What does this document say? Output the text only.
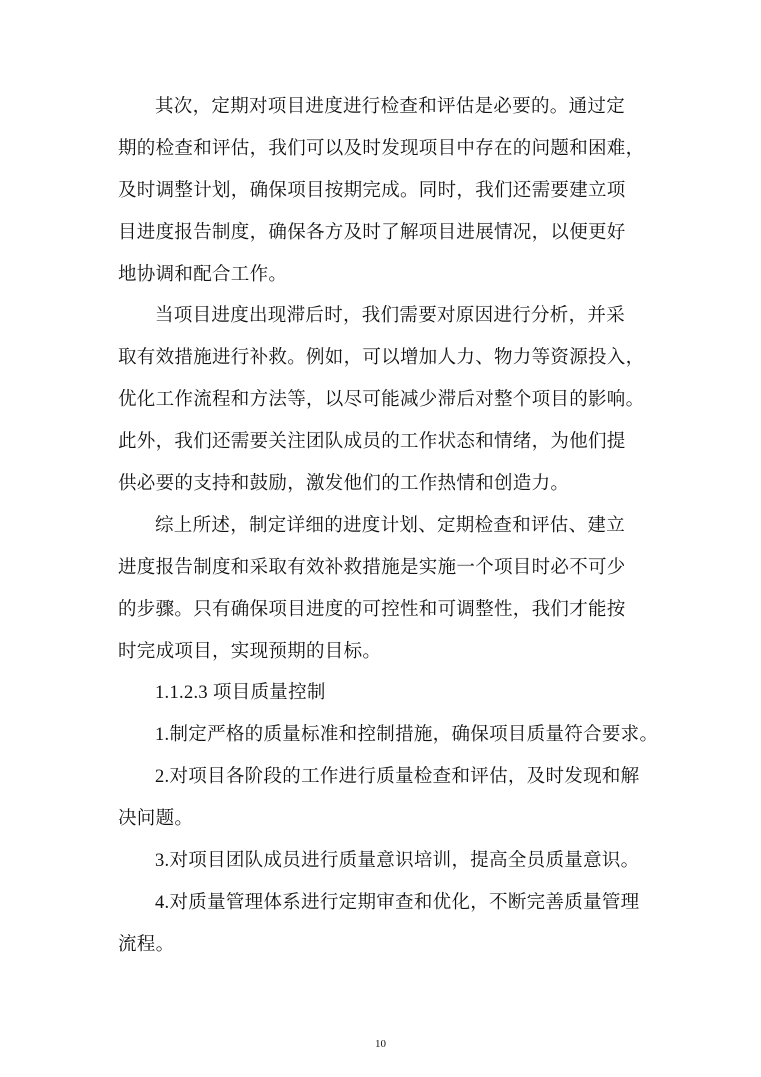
其次，定期对项目进度进行检查和评估是必要的。通过定
期的检查和评估，我们可以及时发现项目中存在的问题和困难，
及时调整计划，确保项目按期完成。同时，我们还需要建立项
目进度报告制度，确保各方及时了解项目进展情况，以便更好
地协调和配合工作。
当项目进度出现滞后时，我们需要对原因进行分析，并采
取有效措施进行补救。例如，可以增加人力、物力等资源投入，
优化工作流程和方法等，以尽可能减少滞后对整个项目的影响。
此外，我们还需要关注团队成员的工作状态和情绪，为他们提
供必要的支持和鼓励，激发他们的工作热情和创造力。
综上所述，制定详细的进度计划、定期检查和评估、建立
进度报告制度和采取有效补救措施是实施一个项目时必不可少
的步骤。只有确保项目进度的可控性和可调整性，我们才能按
时完成项目，实现预期的目标。
1.1.2.3 项目质量控制
1.制定严格的质量标准和控制措施，确保项目质量符合要求。
2.对项目各阶段的工作进行质量检查和评估，及时发现和解
决问题。
3.对项目团队成员进行质量意识培训，提高全员质量意识。
4.对质量管理体系进行定期审查和优化，不断完善质量管理
流程。
10
